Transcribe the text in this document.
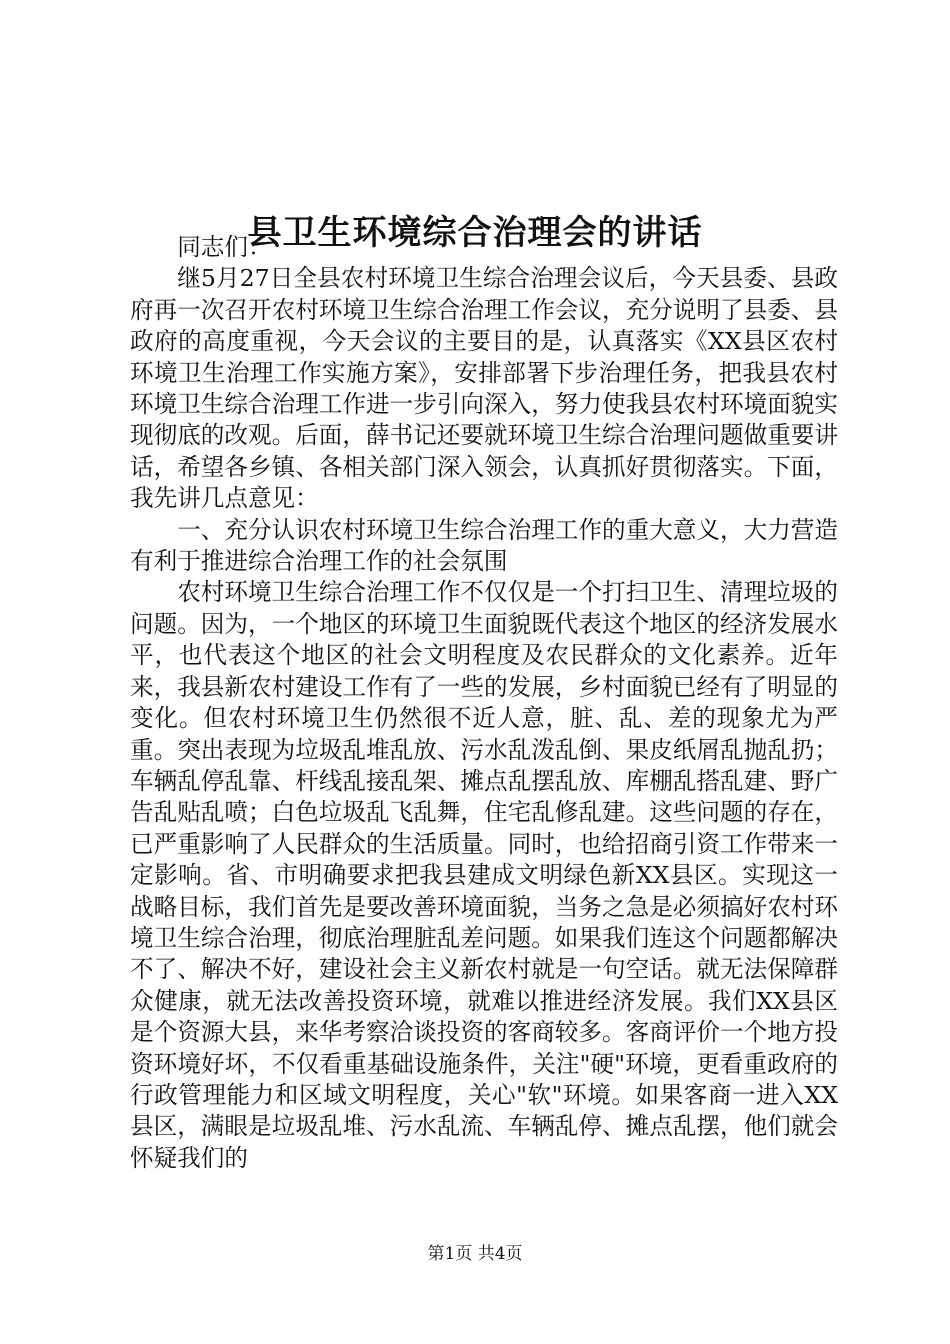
县卫生环境综合治理会的讲话

同志们：

继5月27日全县农村环境卫生综合治理会议后，今天县委、县政府再一次召开农村环境卫生综合治理工作会议，充分说明了县委、县政府的高度重视，今天会议的主要目的是，认真落实《XX县区农村环境卫生治理工作实施方案》，安排部署下步治理任务，把我县农村环境卫生综合治理工作进一步引向深入，努力使我县农村环境面貌实现彻底的改观。后面，薛书记还要就环境卫生综合治理问题做重要讲话，希望各乡镇、各相关部门深入领会，认真抓好贯彻落实。下面，我先讲几点意见：

一、充分认识农村环境卫生综合治理工作的重大意义，大力营造有利于推进综合治理工作的社会氛围

农村环境卫生综合治理工作不仅仅是一个打扫卫生、清理垃圾的问题。因为，一个地区的环境卫生面貌既代表这个地区的经济发展水平，也代表这个地区的社会文明程度及农民群众的文化素养。近年来，我县新农村建设工作有了一些的发展，乡村面貌已经有了明显的变化。但农村环境卫生仍然很不近人意，脏、乱、差的现象尤为严重。突出表现为垃圾乱堆乱放、污水乱泼乱倒、果皮纸屑乱抛乱扔；车辆乱停乱靠、杆线乱接乱架、摊点乱摆乱放、库棚乱搭乱建、野广告乱贴乱喷；白色垃圾乱飞乱舞，住宅乱修乱建。这些问题的存在，已严重影响了人民群众的生活质量。同时，也给招商引资工作带来一定影响。省、市明确要求把我县建成文明绿色新XX县区。实现这一战略目标，我们首先是要改善环境面貌，当务之急是必须搞好农村环境卫生综合治理，彻底治理脏乱差问题。如果我们连这个问题都解决不了、解决不好，建设社会主义新农村就是一句空话。就无法保障群众健康，就无法改善投资环境，就难以推进经济发展。我们XX县区是个资源大县，来华考察洽谈投资的客商较多。客商评价一个地方投资环境好坏，不仅看重基础设施条件，关注"硬"环境，更看重政府的行政管理能力和区域文明程度，关心"软"环境。如果客商一进入XX县区，满眼是垃圾乱堆、污水乱流、车辆乱停、摊点乱摆，他们就会怀疑我们的

第1页 共4页
